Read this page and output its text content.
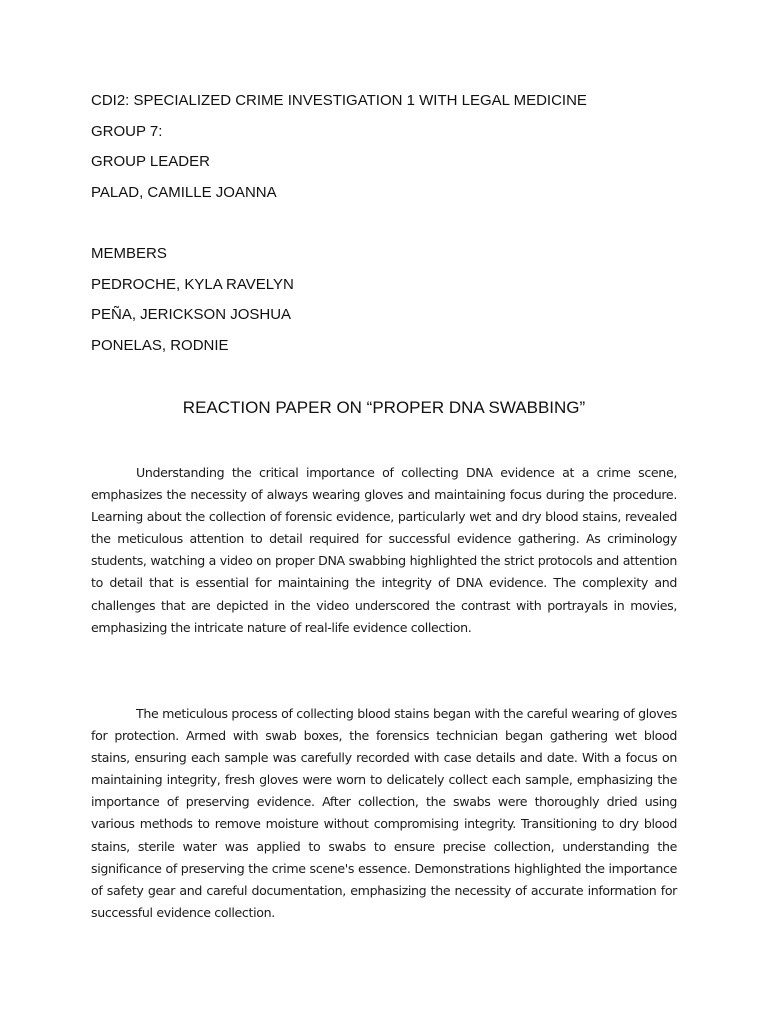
CDI2: SPECIALIZED CRIME INVESTIGATION 1 WITH LEGAL MEDICINE
GROUP 7:
GROUP LEADER
PALAD, CAMILLE JOANNA
MEMBERS
PEDROCHE, KYLA RAVELYN
PEÑA, JERICKSON JOSHUA
PONELAS, RODNIE
REACTION PAPER ON “PROPER DNA SWABBING”

Understanding the critical importance of collecting DNA evidence at a crime scene, emphasizes the necessity of always wearing gloves and maintaining focus during the procedure. Learning about the collection of forensic evidence, particularly wet and dry blood stains, revealed the meticulous attention to detail required for successful evidence gathering. As criminology students, watching a video on proper DNA swabbing highlighted the strict protocols and attention to detail that is essential for maintaining the integrity of DNA evidence. The complexity and challenges that are depicted in the video underscored the contrast with portrayals in movies, emphasizing the intricate nature of real-life evidence collection.

The meticulous process of collecting blood stains began with the careful wearing of gloves for protection. Armed with swab boxes, the forensics technician began gathering wet blood stains, ensuring each sample was carefully recorded with case details and date. With a focus on maintaining integrity, fresh gloves were worn to delicately collect each sample, emphasizing the importance of preserving evidence. After collection, the swabs were thoroughly dried using various methods to remove moisture without compromising integrity. Transitioning to dry blood stains, sterile water was applied to swabs to ensure precise collection, understanding the significance of preserving the crime scene's essence. Demonstrations highlighted the importance of safety gear and careful documentation, emphasizing the necessity of accurate information for successful evidence collection.
